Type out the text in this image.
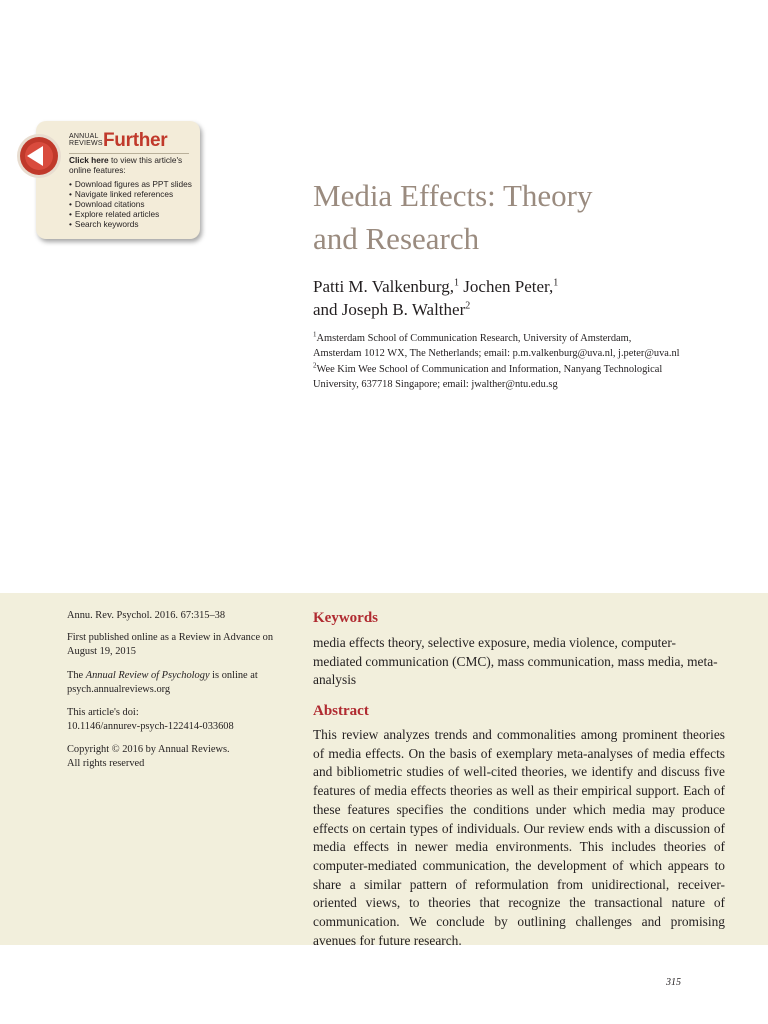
ANNUAL
REVIEWS Further
Click here to view this article's online features:
• Download figures as PPT slides
• Navigate linked references
• Download citations
• Explore related articles
• Search keywords
Media Effects: Theory
and Research
Patti M. Valkenburg,$^1$ Jochen Peter,$^1$
and Joseph B. Walther$^2$
$^1$Amsterdam School of Communication Research, University of Amsterdam,
Amsterdam 1012 WX, The Netherlands; email: p.m.valkenburg@uva.nl, j.peter@uva.nl
$^2$Wee Kim Wee School of Communication and Information, Nanyang Technological
University, 637718 Singapore; email: jwalther@ntu.edu.sg
Annu. Rev. Psychol. 2016. 67:315–38
First published online as a Review in Advance on
August 19, 2015
The Annual Review of Psychology is online at
psych.annualreviews.org
This article's doi:
10.1146/annurev-psych-122414-033608
Copyright © 2016 by Annual Reviews.
All rights reserved
Keywords
media effects theory, selective exposure, media violence, computer-mediated communication (CMC), mass communication, mass media, meta-analysis
Abstract
This review analyzes trends and commonalities among prominent theories of media effects. On the basis of exemplary meta-analyses of media effects and bibliometric studies of well-cited theories, we identify and discuss five features of media effects theories as well as their empirical support. Each of these features specifies the conditions under which media may produce effects on certain types of individuals. Our review ends with a discussion of media effects in newer media environments. This includes theories of computer-mediated communication, the development of which appears to share a similar pattern of reformulation from unidirectional, receiver-oriented views, to theories that recognize the transactional nature of communication. We conclude by outlining challenges and promising avenues for future research.
315
